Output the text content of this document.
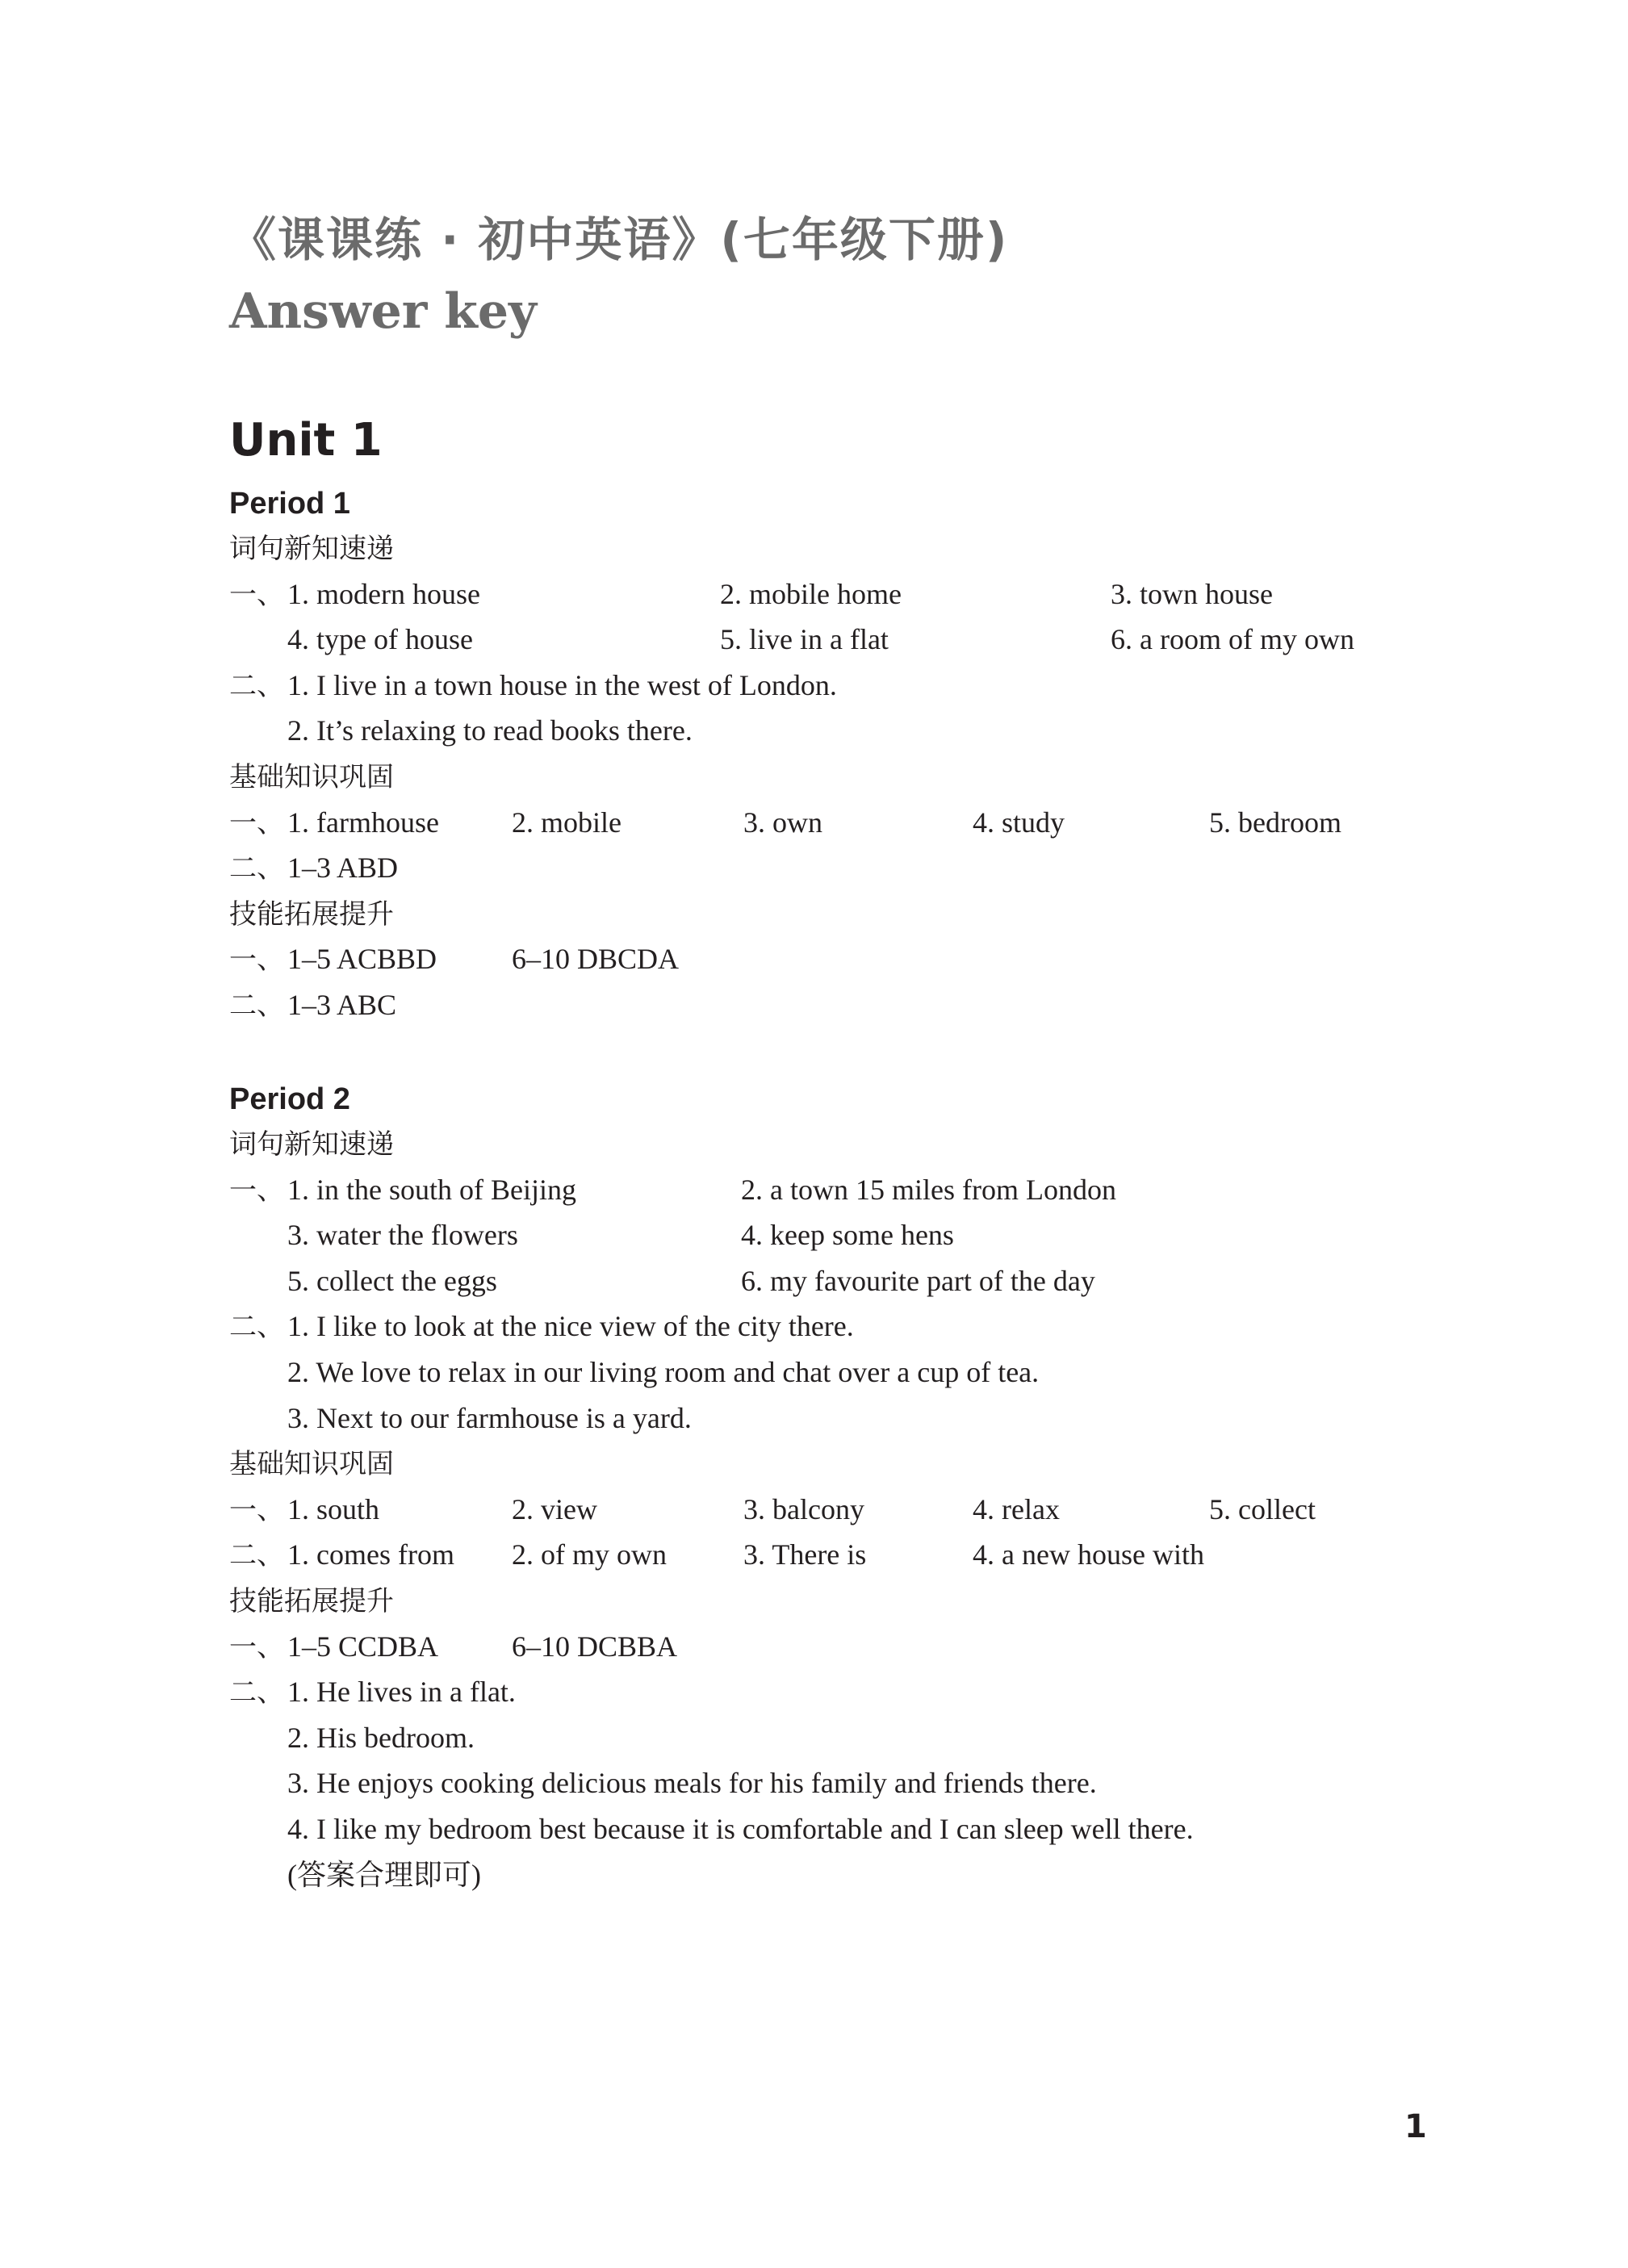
《课课练 · 初中英语》(七年级下册)
Answer key
Unit 1
Period 1
词句新知速递
一、 1. modern house	2. mobile home	3. town house
4. type of house	5. live in a flat	6. a room of my own
二、 1. I live in a town house in the west of London.
2. It’s relaxing to read books there.
基础知识巩固
一、 1. farmhouse	2. mobile	3. own	4. study	5. bedroom
二、 1–3 ABD
技能拓展提升
一、 1–5 ACBBD	6–10 DBCDA
二、 1–3 ABC
Period 2
词句新知速递
一、 1. in the south of Beijing	2. a town 15 miles from London
3. water the flowers	4. keep some hens
5. collect the eggs	6. my favourite part of the day
二、 1. I like to look at the nice view of the city there.
2. We love to relax in our living room and chat over a cup of tea.
3. Next to our farmhouse is a yard.
基础知识巩固
一、 1. south	2. view	3. balcony	4. relax	5. collect
二、 1. comes from 2. of my own	3. There is	4. a new house with
技能拓展提升
一、 1–5 CCDBA	6–10 DCBBA
二、 1. He lives in a flat.
2. His bedroom.
3. He enjoys cooking delicious meals for his family and friends there.
4. I like my bedroom best because it is comfortable and I can sleep well there.
(答案合理即可)
1
